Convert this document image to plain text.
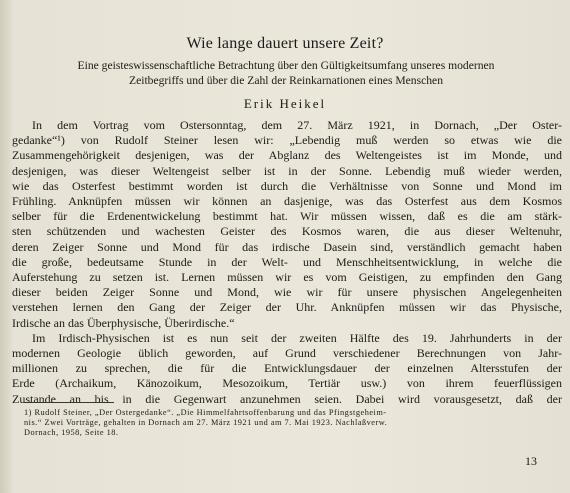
Wie lange dauert unsere Zeit?
Eine geisteswissenschaftliche Betrachtung über den Gültigkeitsumfang unseres modernen
Zeitbegriffs und über die Zahl der Reinkarnationen eines Menschen
Erik Heikel
In dem Vortrag vom Ostersonntag, dem 27. März 1921, in Dornach, „Der Oster-
gedanke“¹) von Rudolf Steiner lesen wir: „Lebendig muß werden so etwas wie die
Zusammengehörigkeit desjenigen, was der Abglanz des Weltengeistes ist im Monde, und
desjenigen, was dieser Weltengeist selber ist in der Sonne. Lebendig muß wieder werden,
wie das Osterfest bestimmt worden ist durch die Verhältnisse von Sonne und Mond im
Frühling. Anknüpfen müssen wir können an dasjenige, was das Osterfest aus dem Kosmos
selber für die Erdenentwickelung bestimmt hat. Wir müssen wissen, daß es die am stärk-
sten schützenden und wachesten Geister des Kosmos waren, die aus dieser Weltenuhr,
deren Zeiger Sonne und Mond für das irdische Dasein sind, verständlich gemacht haben
die große, bedeutsame Stunde in der Welt- und Menschheitsentwicklung, in welche die
Auferstehung zu setzen ist. Lernen müssen wir es vom Geistigen, zu empfinden den Gang
dieser beiden Zeiger Sonne und Mond, wie wir für unsere physischen Angelegenheiten
verstehen lernen den Gang der Zeiger der Uhr. Anknüpfen müssen wir das Physische,
Irdische an das Überphysische, Überirdische.“
Im Irdisch-Physischen ist es nun seit der zweiten Hälfte des 19. Jahrhunderts in der
modernen Geologie üblich geworden, auf Grund verschiedener Berechnungen von Jahr-
millionen zu sprechen, die für die Entwicklungsdauer der einzelnen Altersstufen der
Erde (Archaikum, Känozoikum, Mesozoikum, Tertiär usw.) von ihrem feuerflüssigen
Zustande an bis in die Gegenwart anzunehmen seien. Dabei wird vorausgesetzt, daß der
1) Rudolf Steiner, „Der Ostergedanke“. „Die Himmelfahrtsoffenbarung und das Pfingstgeheim-
nis.“ Zwei Vorträge, gehalten in Dornach am 27. März 1921 und am 7. Mai 1923. Nachlaßverw.
Dornach, 1958, Seite 18.
13
